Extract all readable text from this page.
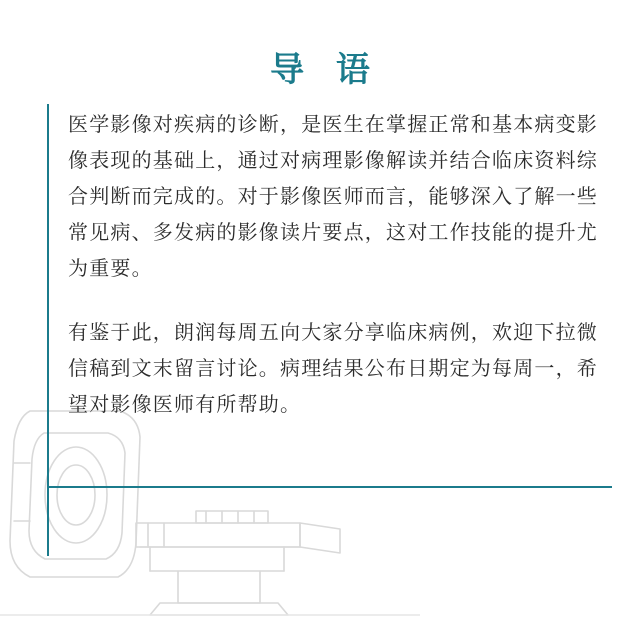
导 语

医学影像对疾病的诊断，是医生在掌握正常和基本病变影像表现的基础上，通过对病理影像解读并结合临床资料综合判断而完成的。对于影像医师而言，能够深入了解一些常见病、多发病的影像读片要点，这对工作技能的提升尤为重要。

有鉴于此，朗润每周五向大家分享临床病例，欢迎下拉微信稿到文末留言讨论。病理结果公布日期定为每周一，希望对影像医师有所帮助。
